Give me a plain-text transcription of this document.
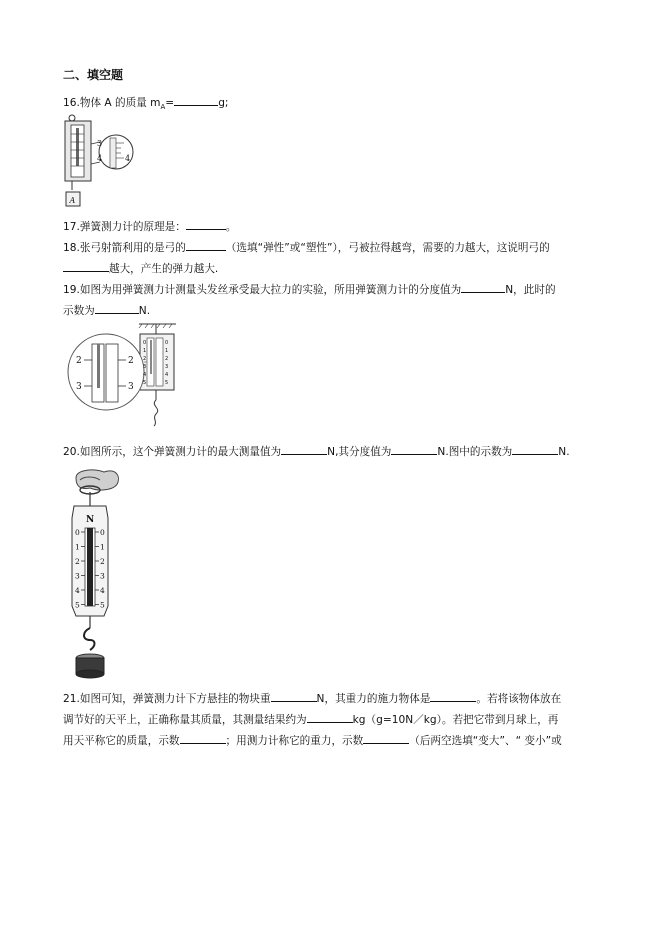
二、填空题
16.物体 A 的质量 $m_A=$	g;
3
4	4
A
17.弹簧测力计的原理是：	。
18.张弓射箭利用的是弓的	（选填“弹性”或“塑性”），弓被拉得越弯，需要的力越大，这说明弓的
越大，产生的弹力越大.
19.如图为用弹簧测力计测量头发丝承受最大拉力的实验，所用弹簧测力计的分度值为	N，此时的
示数为	N.
2	2
3	3
0	0
1	1
2	2
3	3
4	4
5	5
20.如图所示，这个弹簧测力计的最大测量值为	N,其分度值为	N.图中的示数为	N.
N
0	0
1	1
2	2
3	3
4	4
5	5
21.如图可知，弹簧测力计下方悬挂的物块重	N，其重力的施力物体是	。若将该物体放在
调节好的天平上，正确称量其质量，其测量结果约为	kg（g=10N／kg）。若把它带到月球上，再
用天平称它的质量，示数	；用测力计称它的重力，示数	（后两空选填“变大”、“ 变小”或
